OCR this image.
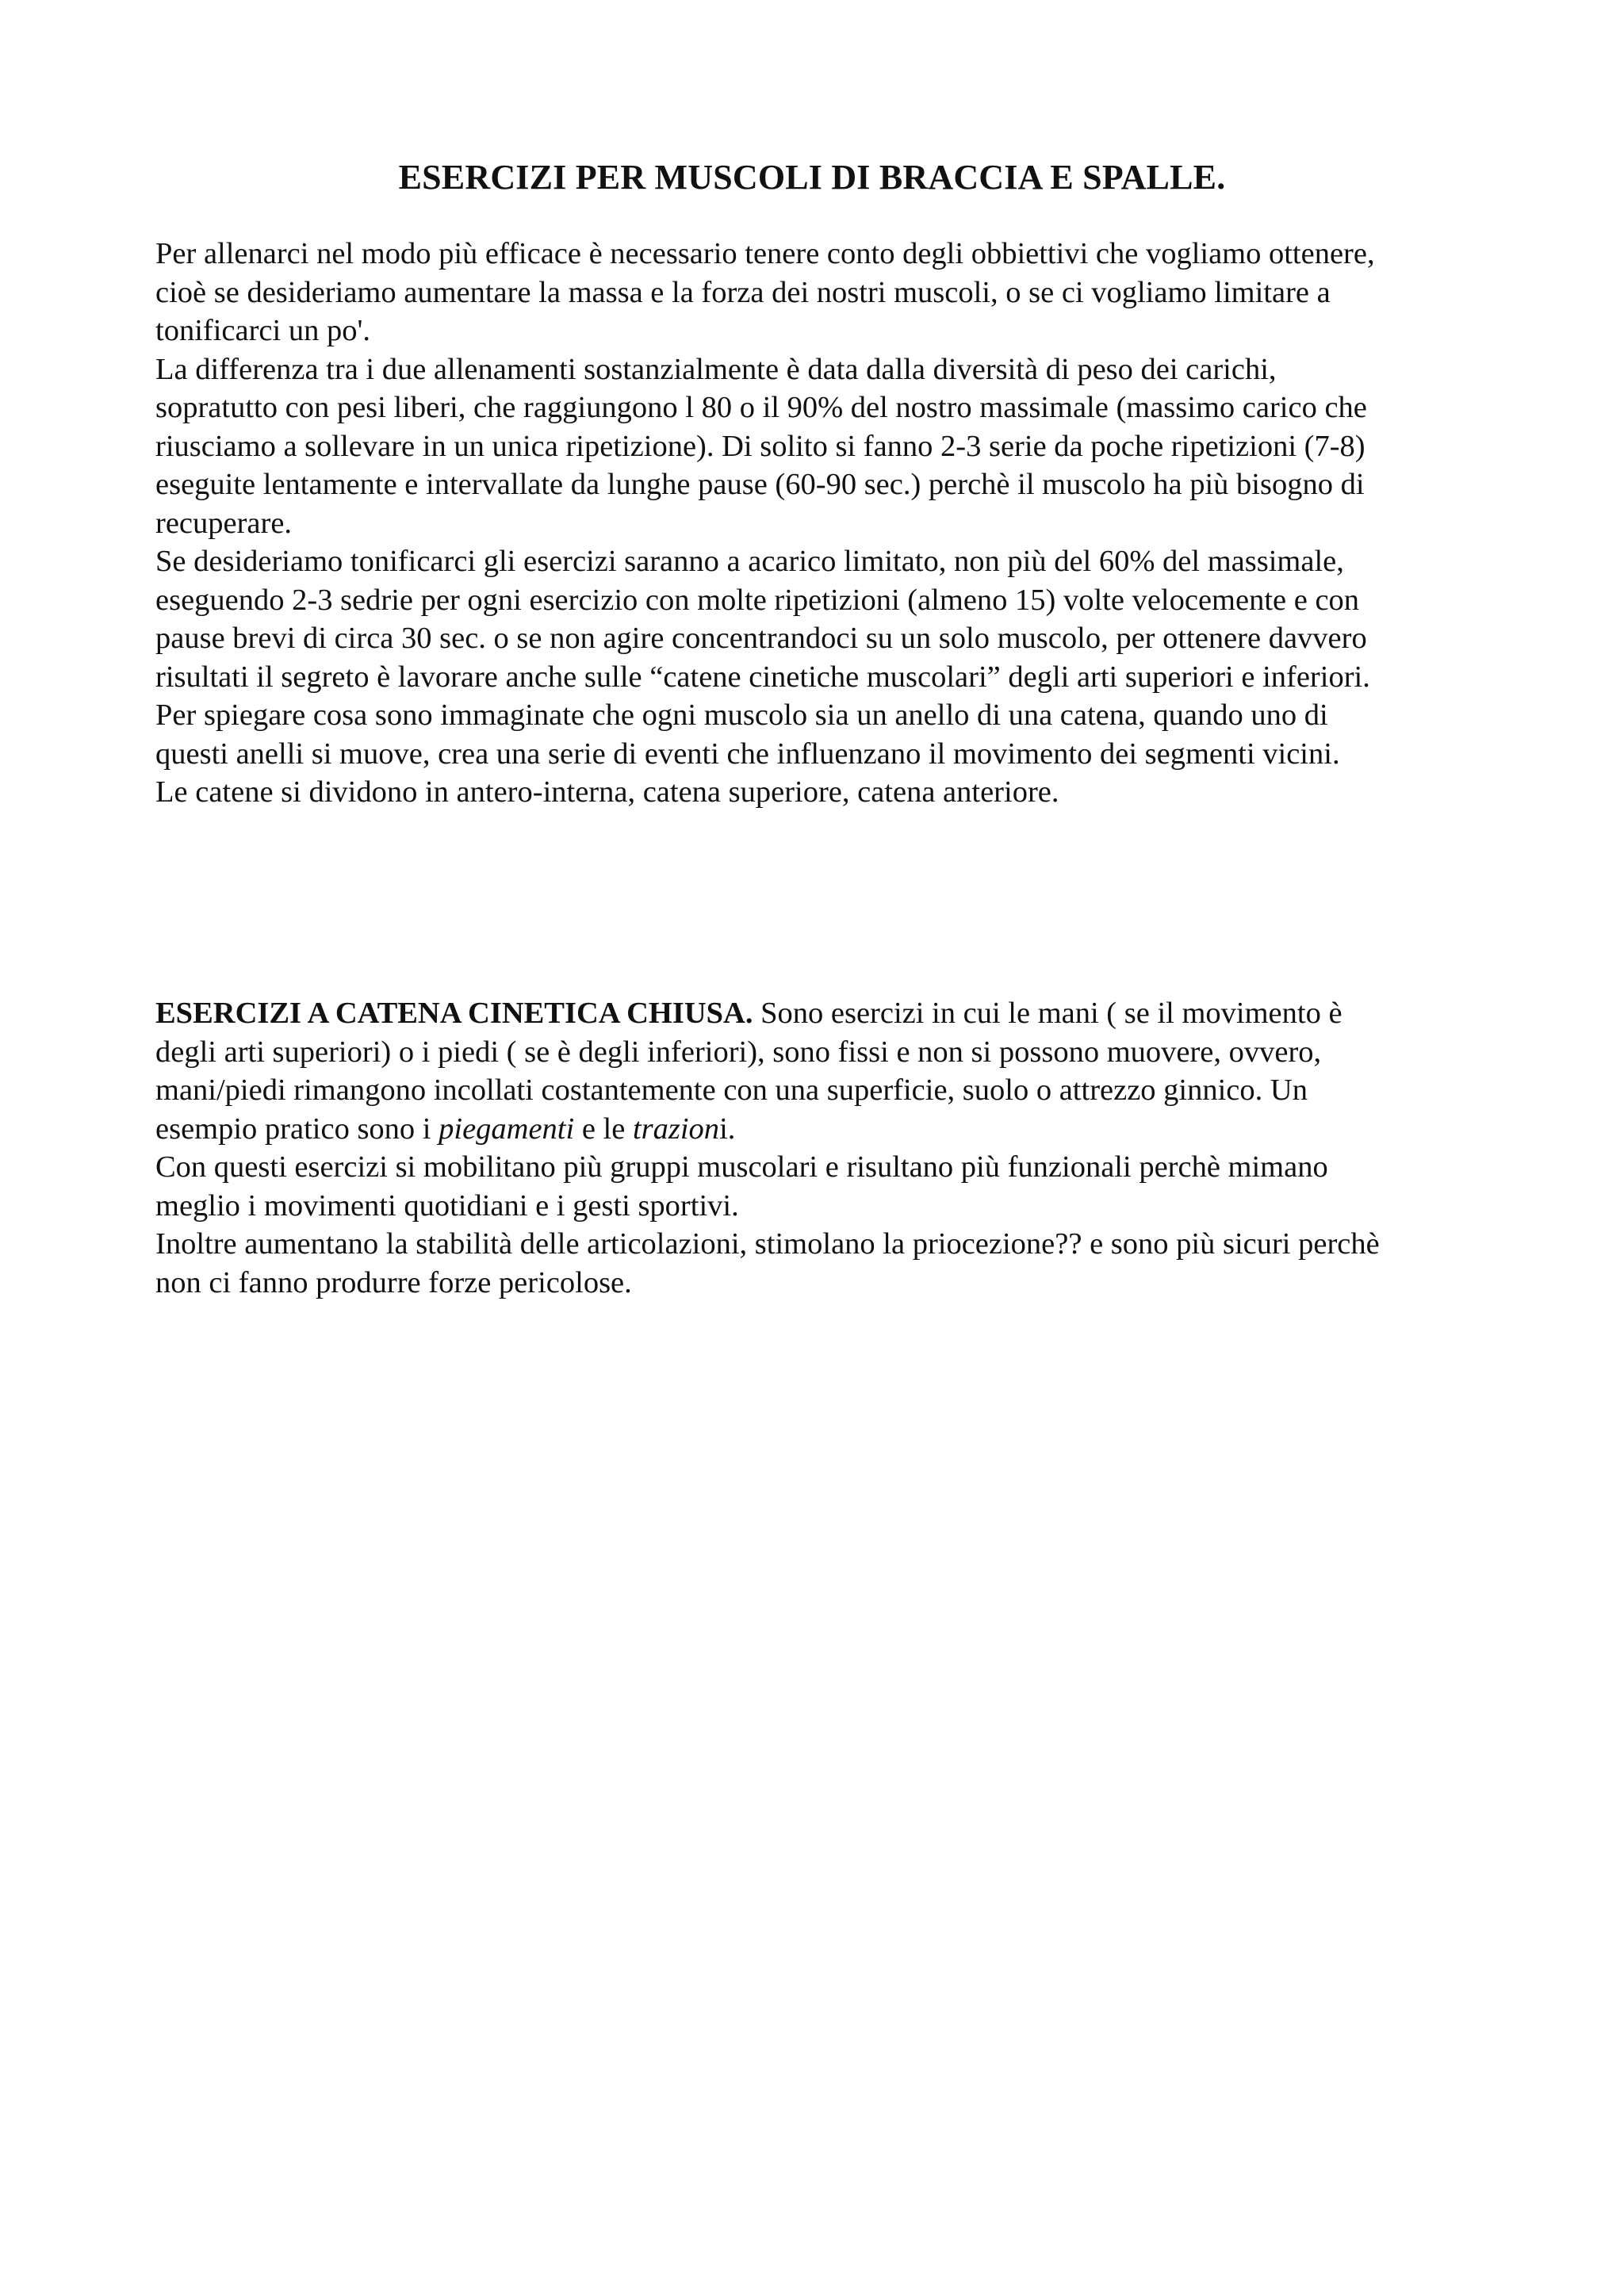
ESERCIZI PER MUSCOLI DI BRACCIA E SPALLE.
Per allenarci nel modo più efficace è necessario tenere conto degli obbiettivi che vogliamo ottenere,
cioè se desideriamo aumentare la massa e la forza dei nostri muscoli, o se ci vogliamo limitare a
tonificarci un po'.
La differenza tra i due allenamenti sostanzialmente è data dalla diversità di peso dei carichi,
sopratutto con pesi liberi, che raggiungono l 80 o il 90% del nostro massimale (massimo carico che
riusciamo a sollevare in un unica ripetizione). Di solito si fanno 2-3 serie da poche ripetizioni (7-8)
eseguite lentamente e intervallate da lunghe pause (60-90 sec.) perchè il muscolo ha più bisogno di
recuperare.
Se desideriamo tonificarci gli esercizi saranno a acarico limitato, non più del 60% del massimale,
eseguendo 2-3 sedrie per ogni esercizio con molte ripetizioni (almeno 15) volte velocemente e con
pause brevi di circa 30 sec. o se non agire concentrandoci su un solo muscolo, per ottenere davvero
risultati il segreto è lavorare anche sulle “catene cinetiche muscolari” degli arti superiori e inferiori.
Per spiegare cosa sono immaginate che ogni muscolo sia un anello di una catena, quando uno di
questi anelli si muove, crea una serie di eventi che influenzano il movimento dei segmenti vicini.
Le catene si dividono in antero-interna, catena superiore, catena anteriore.
ESERCIZI A CATENA CINETICA CHIUSA. Sono esercizi in cui le mani ( se il movimento è
degli arti superiori) o i piedi ( se è degli inferiori), sono fissi e non si possono muovere, ovvero,
mani/piedi rimangono incollati costantemente con una superficie, suolo o attrezzo ginnico. Un
esempio pratico sono i piegamenti e le trazioni.
Con questi esercizi si mobilitano più gruppi muscolari e risultano più funzionali perchè mimano
meglio i movimenti quotidiani e i gesti sportivi.
Inoltre aumentano la stabilità delle articolazioni, stimolano la priocezione?? e sono più sicuri perchè
non ci fanno produrre forze pericolose.
